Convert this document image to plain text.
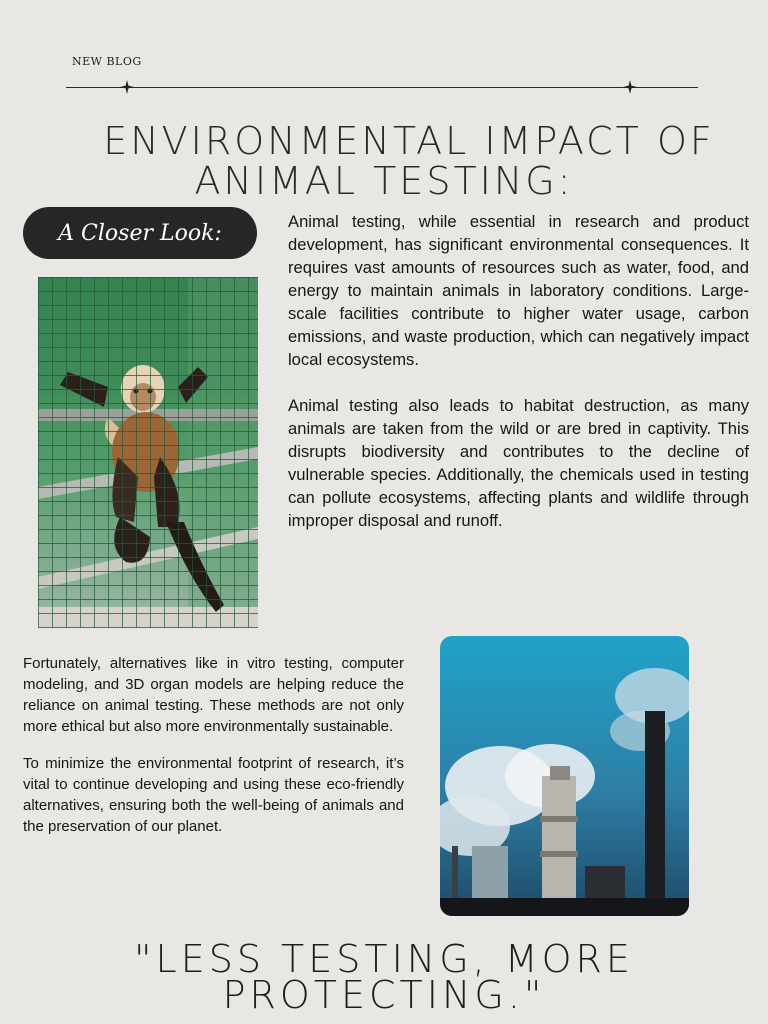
NEW BLOG
ENVIRONMENTAL IMPACT OF
ANIMAL TESTING:
A Closer Look:	Animal testing, while essential in research and product development, has significant environmental consequences. It requires vast amounts of resources such as water, food, and energy to maintain animals in laboratory conditions. Large-scale facilities contribute to higher water usage, carbon emissions, and waste production, which can negatively impact local ecosystems.

Animal testing also leads to habitat destruction, as many animals are taken from the wild or are bred in captivity. This disrupts biodiversity and contributes to the decline of vulnerable species. Additionally, the chemicals used in testing can pollute ecosystems, affecting plants and wildlife through improper disposal and runoff.

Fortunately, alternatives like in vitro testing, computer modeling, and 3D organ models are helping reduce the reliance on animal testing. These methods are not only more ethical but also more environmentally sustainable.

To minimize the environmental footprint of research, it’s vital to continue developing and using these eco-friendly alternatives, ensuring both the well-being of animals and the preservation of our planet.

"LESS TESTING, MORE
PROTECTING."
